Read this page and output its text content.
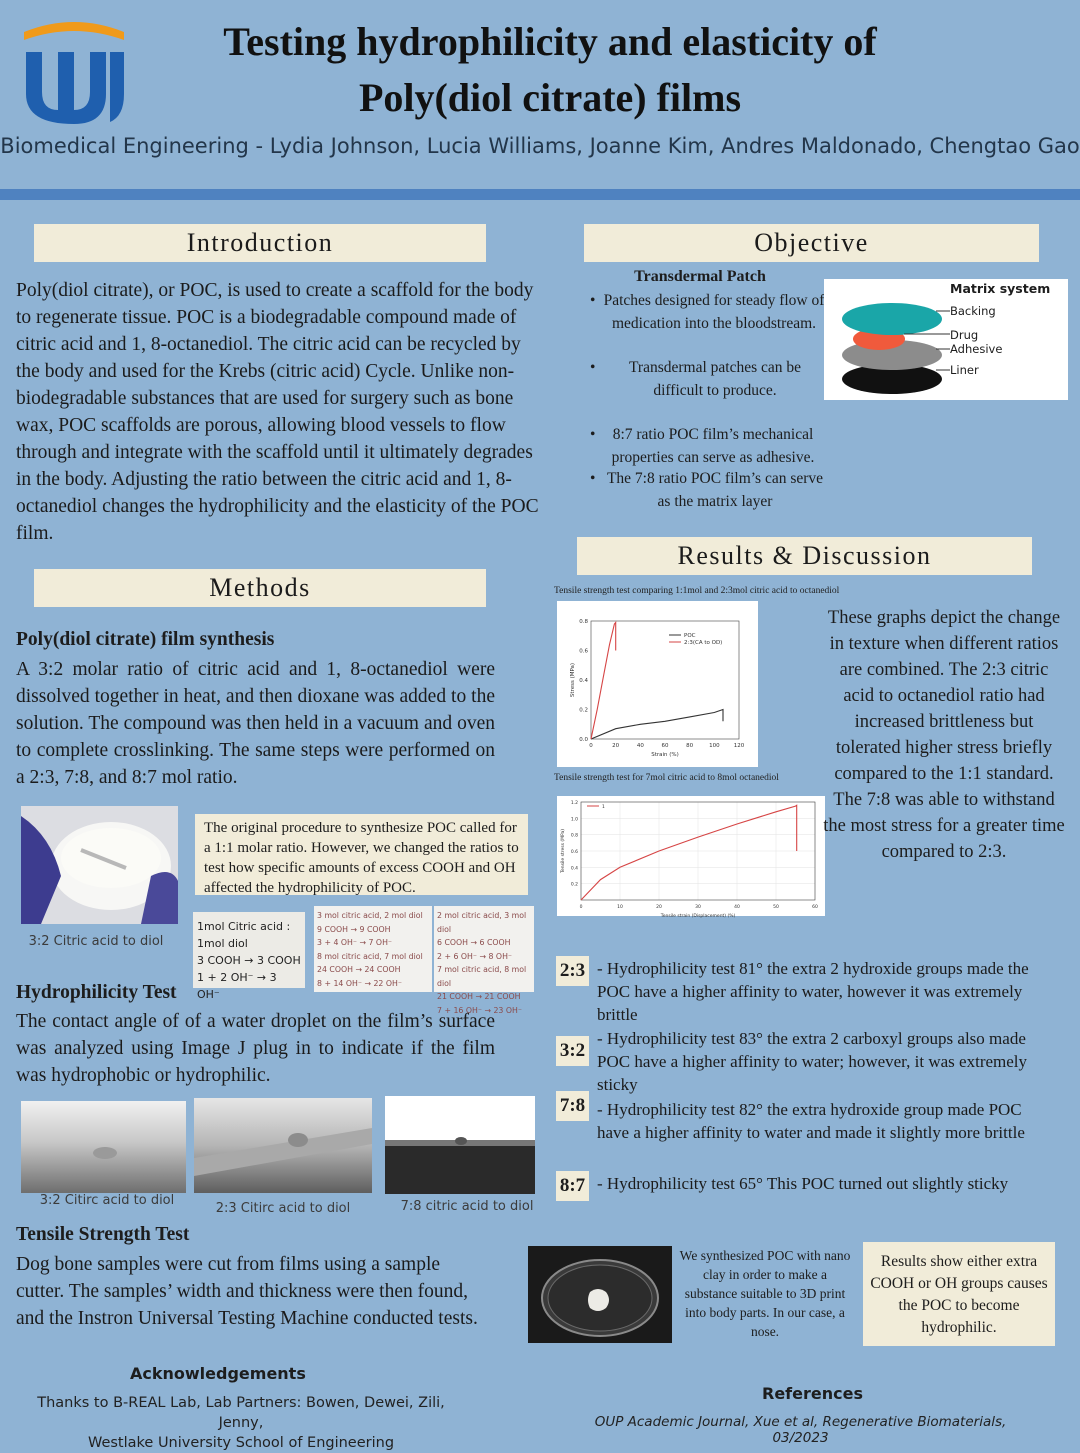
Testing hydrophilicity and elasticity of
Poly(diol citrate) films
Biomedical Engineering - Lydia Johnson, Lucia Williams, Joanne Kim, Andres Maldonado, Chengtao Gao
Introduction
Poly(diol citrate), or POC, is used to create a scaffold for the body to regenerate tissue. POC is a biodegradable compound made of citric acid and 1, 8-octanediol. The citric acid can be recycled by the body and used for the Krebs (citric acid) Cycle. Unlike non-biodegradable substances that are used for surgery such as bone wax, POC scaffolds are porous, allowing blood vessels to flow through and integrate with the scaffold until it ultimately degrades in the body. Adjusting the ratio between the citric acid and 1, 8-octanediol changes the hydrophilicity and the elasticity of the POC film.
Methods
Poly(diol citrate) film synthesis
A 3:2 molar ratio of citric acid and 1, 8-octanediol were dissolved together in heat, and then dioxane was added to the solution. The compound was then held in a vacuum and oven to complete crosslinking. The same steps were performed on a 2:3, 7:8, and 8:7 mol ratio.
3:2 Citric acid to diol
The original procedure to synthesize POC called for a 1:1 molar ratio. However, we changed the ratios to test how specific amounts of excess COOH and OH affected the hydrophilicity of POC.
1mol Citric acid : 1mol diol
3 COOH → 3 COOH
1 + 2 OH⁻ → 3 OH⁻
3 mol citric acid, 2 mol diol
9 COOH → 9 COOH
3 + 4 OH⁻ → 7 OH⁻
8 mol citric acid, 7 mol diol
24 COOH → 24 COOH
8 + 14 OH⁻ → 22 OH⁻
2 mol citric acid, 3 mol diol
6 COOH → 6 COOH
2 + 6 OH⁻ → 8 OH⁻
7 mol citric acid, 8 mol diol
21 COOH → 21 COOH
7 + 16 OH⁻ → 23 OH⁻
Hydrophilicity Test
The contact angle of of a water droplet on the film’s surface was analyzed using Image J plug in to indicate if the film was hydrophobic or hydrophilic.
3:2 Citirc acid to diol
2:3 Citirc acid to diol	7:8 citric acid to diol
Tensile Strength Test
Dog bone samples were cut from films using a sample cutter. The samples’ width and thickness were then found, and the Instron Universal Testing Machine conducted tests.
Acknowledgements
Thanks to B-REAL Lab, Lab Partners: Bowen, Dewei, Zili, Jenny,
Westlake University School of Engineering
Objective
Transdermal Patch
• Patches designed for steady flow of medication into the bloodstream.
•	Transdermal patches can be difficult to produce.
•	8:7 ratio POC film’s mechanical properties can serve as adhesive.
• The 7:8 ratio POC film’s can serve as the matrix layer
Matrix system
Backing
Drug
Adhesive
Liner
Results & Discussion
Tensile strength test comparing 1:1mol and 2:3mol citric acid to octanediol
0	20	40	60	80	100	120
0.0
0.2
0.4
0.6
0.8
Strain (%)
Stress (MPa)
POC
2:3(CA to OD)
Tensile strength test for 7mol citric acid to 8mol octanediol
0	10	20	30	40	50	60
0.2
0.4
0.6
0.8
1.0
1.2
Tensile strain (Displacement) (%)
Tensile stress (MPa)
1
These graphs depict the change in texture when different ratios are combined. The 2:3 citric acid to octanediol ratio had increased brittleness but tolerated higher stress briefly compared to the 1:1 standard. The 7:8 was able to withstand the most stress for a greater time compared to 2:3.
2:3 - Hydrophilicity test 81° the extra 2 hydroxide groups made the POC have a higher affinity to water, however it was extremely brittle
3:2
- Hydrophilicity test 83° the extra 2 carboxyl groups also made POC have a higher affinity to water; however, it was extremely sticky
7:8 - Hydrophilicity test 82° the extra hydroxide group made POC have a higher affinity to water and made it slightly more brittle
8:7 - Hydrophilicity test 65° This POC turned out slightly sticky
We synthesized POC with nano clay in order to make a substance suitable to 3D print into body parts. In our case, a nose.
Results show either extra COOH or OH groups causes the POC to become hydrophilic.
References
OUP Academic Journal, Xue et al, Regenerative Biomaterials, 03/2023
